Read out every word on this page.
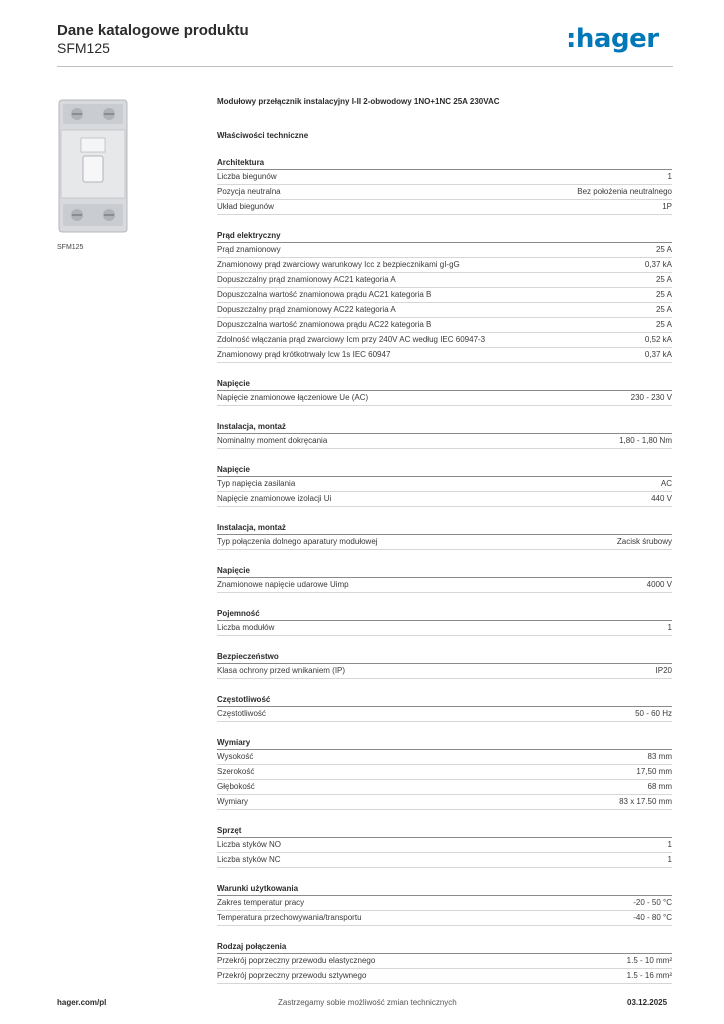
Dane katalogowe produktu
SFM125	:hager
SFM125
Modułowy przełącznik instalacyjny I-II 2-obwodowy 1NO+1NC 25A 230VAC
Właściwości techniczne
Architektura
Liczba biegunów	1
Pozycja neutralna	Bez położenia neutralnego
Układ biegunów	1P
Prąd elektryczny
Prąd znamionowy	25 A
Znamionowy prąd zwarciowy warunkowy Icc z bezpiecznikami gI-gG	0,37 kA
Dopuszczalny prąd znamionowy AC21 kategoria A	25 A
Dopuszczalna wartość znamionowa prądu AC21 kategoria B	25 A
Dopuszczalny prąd znamionowy AC22 kategoria A	25 A
Dopuszczalna wartość znamionowa prądu AC22 kategoria B	25 A
Zdolność włączania prąd zwarciowy Icm przy 240V AC według IEC 60947-3	0,52 kA
Znamionowy prąd krótkotrwały Icw 1s IEC 60947	0,37 kA
Napięcie
Napięcie znamionowe łączeniowe Ue (AC)	230 - 230 V
Instalacja, montaż
Nominalny moment dokręcania	1,80 - 1,80 Nm
Napięcie
Typ napięcia zasilania	AC
Napięcie znamionowe izolacji Ui	440 V
Instalacja, montaż
Typ połączenia dolnego aparatury modułowej	Zacisk śrubowy
Napięcie
Znamionowe napięcie udarowe Uimp	4000 V
Pojemność
Liczba modułów	1
Bezpieczeństwo
Klasa ochrony przed wnikaniem (IP)	IP20
Częstotliwość
Częstotliwość	50 - 60 Hz
Wymiary
Wysokość	83 mm
Szerokość	17,50 mm
Głębokość	68 mm
Wymiary	83 x 17.50 mm
Sprzęt
Liczba styków NO	1
Liczba styków NC	1
Warunki użytkowania
Zakres temperatur pracy	-20 - 50 °C
Temperatura przechowywania/transportu	-40 - 80 °C
Rodzaj połączenia
Przekrój poprzeczny przewodu elastycznego	1.5 - 10 mm²
Przekrój poprzeczny przewodu sztywnego	1.5 - 16 mm²
hager.com/pl	Zastrzegamy sobie możliwość zmian technicznych	03.12.2025
